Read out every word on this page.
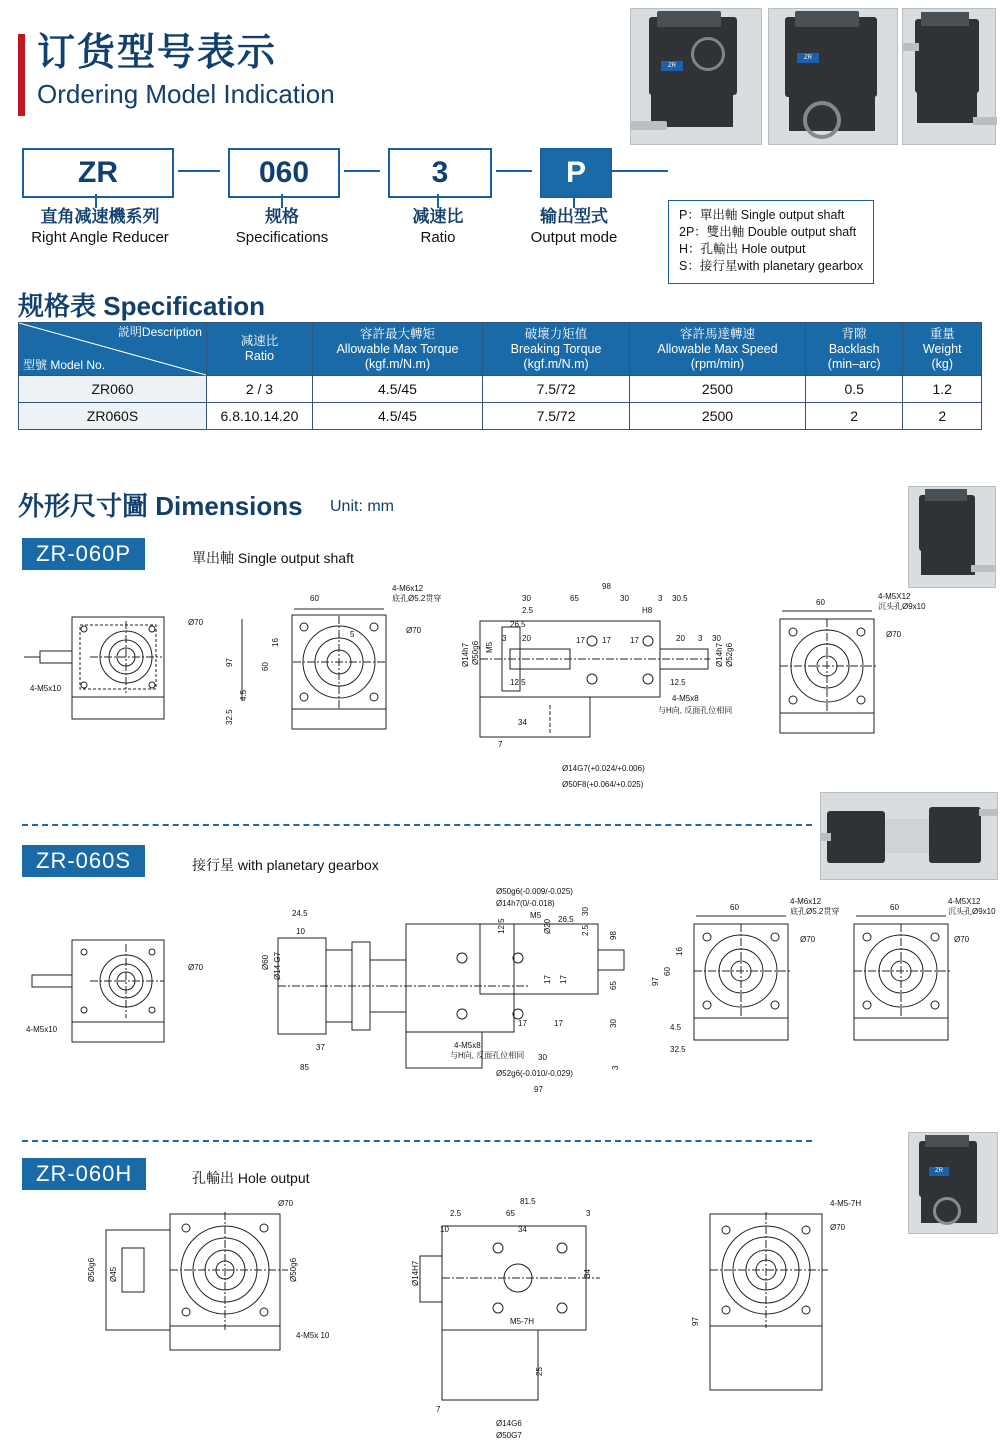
订货型号表示
Ordering Model Indication
ZR
ZR
ZR	060	3	P
直角减速機系列
Right Angle Reducer
规格
Specifications
减速比
Ratio
输出型式
Output mode
P：單出軸 Single output shaft
2P：雙出軸 Double output shaft
H：孔輸出 Hole output
S：接行星with planetary gearbox
规格表 Specification
説明Description
型號 Model No.

减速比
Ratio

容許最大轉矩
Allowable Max Torque
(kgf.m/N.m)

破壞力矩值
Breaking Torque
(kgf.m/N.m)

容許馬達轉速
Allowable Max Speed
(rpm/min)

背隙
Backlash
(min–arc)

重量
Weight
(kg)

ZR060	2 / 3	4.5/45	7.5/72	2500	0.5	1.2
ZR060S	6.8.10.14.20	4.5/45	7.5/72	2500	2	2
外形尺寸圖 Dimensions Unit: mm
ZR-060P	單出軸 Single output shaft
Ø70
4-M5x10
97
32.5
4.5
60
4-M6x12
底孔Ø5.2贯穿
Ø70
5
16
60
98
30	65	30	3 30.5
2.5	H8
26.5
3 20	17 17 17	20 3 30
M5
Ø50g6
Ø14h7	Ø14h7 Ø52g6
12.5	12.5
4-M5x8
与H向, 反面孔位相同
34
7
Ø14G7(+0.024/+0.006)
Ø50F8(+0.064/+0.025)
60
4-M5X12
沉头孔Ø9x10
Ø70
ZR-060S	接行星 with planetary gearbox
Ø70
4-M5x10
24.5
10
Ø60 Ø14 G7
37
85
Ø50g6(-0.009/-0.025)
Ø14h7(0/-0.018)
M5
12.5	Ø20 26.5
30
2.5 98
65
30
3
17 17
17	17
4-M5x8
与H向, 反面孔位相同 30
Ø52g6(-0.010/-0.029)
97
60
4-M6x12
底孔Ø5.2贯穿
Ø70
16
60
97
4.5
32.5
60
4-M5X12
沉头孔Ø9x10
Ø70
ZR-060H	孔輸出 Hole output	ZR
Ø70
Ø50g6 Ø45	Ø50g6
4-M5x 10
81.5
2.5	65	3
10	34
34
Ø14H7
M5-7H
25
7
Ø14G6
Ø50G7
4-M5-7H
Ø70
97
